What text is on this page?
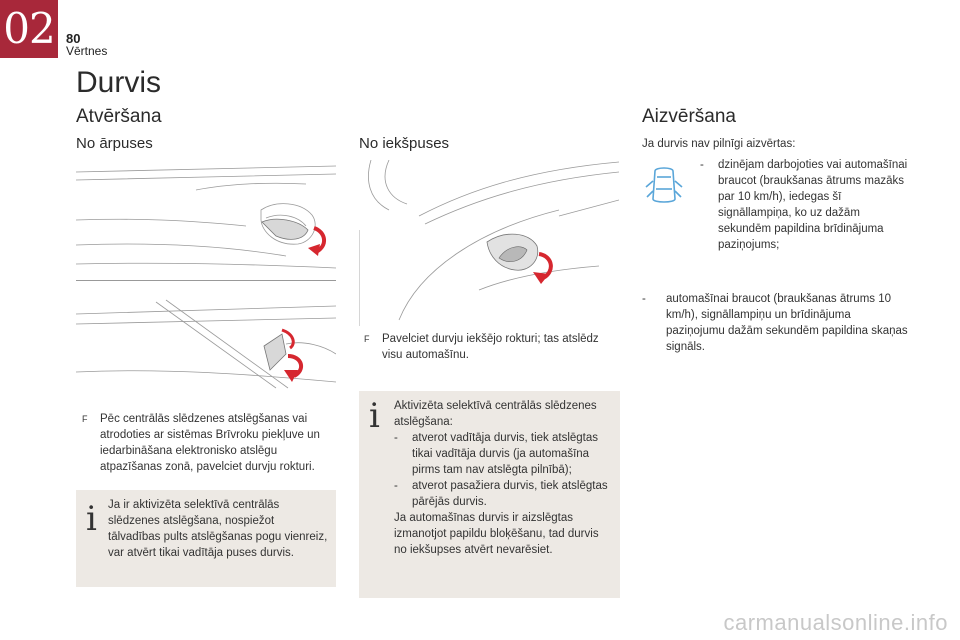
02 80
Vērtnes
Durvis
Atvēršana
No ārpuses	No iekšpuses
F	Pēc centrālās slēdzenes atslēgšanas vai atrodoties ar sistēmas Brīvroku piekļuve un iedarbināšana elektronisko atslēgu atpazīšanas zonā, pavelciet durvju rokturi.
i Ja ir aktivizēta selektīvā centrālās slēdzenes atslēgšana, nospiežot tālvadības pults atslēgšanas pogu vienreiz, var atvērt tikai vadītāja puses durvis.
F	Pavelciet durvju iekšējo rokturi; tas atslēdz visu automašīnu.
i Aktivizēta selektīvā centrālās slēdzenes atslēgšana:
-	atverot vadītāja durvis, tiek atslēgtas tikai vadītāja durvis (ja automašīna pirms tam nav atslēgta pilnībā);
-	atverot pasažiera durvis, tiek atslēgtas pārējās durvis.
Ja automašīnas durvis ir aizslēgtas izmanotjot papildu bloķēšanu, tad durvis no iekšupses atvērt nevarēsiet.
Aizvēršana
Ja durvis nav pilnīgi aizvērtas:
-	dzinējam darbojoties vai automašīnai braucot (braukšanas ātrums mazāks par 10 km/h), iedegas šī signāllampiņa, ko uz dažām sekundēm papildina brīdinājuma paziņojums;
-	automašīnai braucot (braukšanas ātrums 10 km/h), signāllampiņu un brīdinājuma paziņojumu dažām sekundēm papildina skaņas signāls.
carmanualsonline.info
